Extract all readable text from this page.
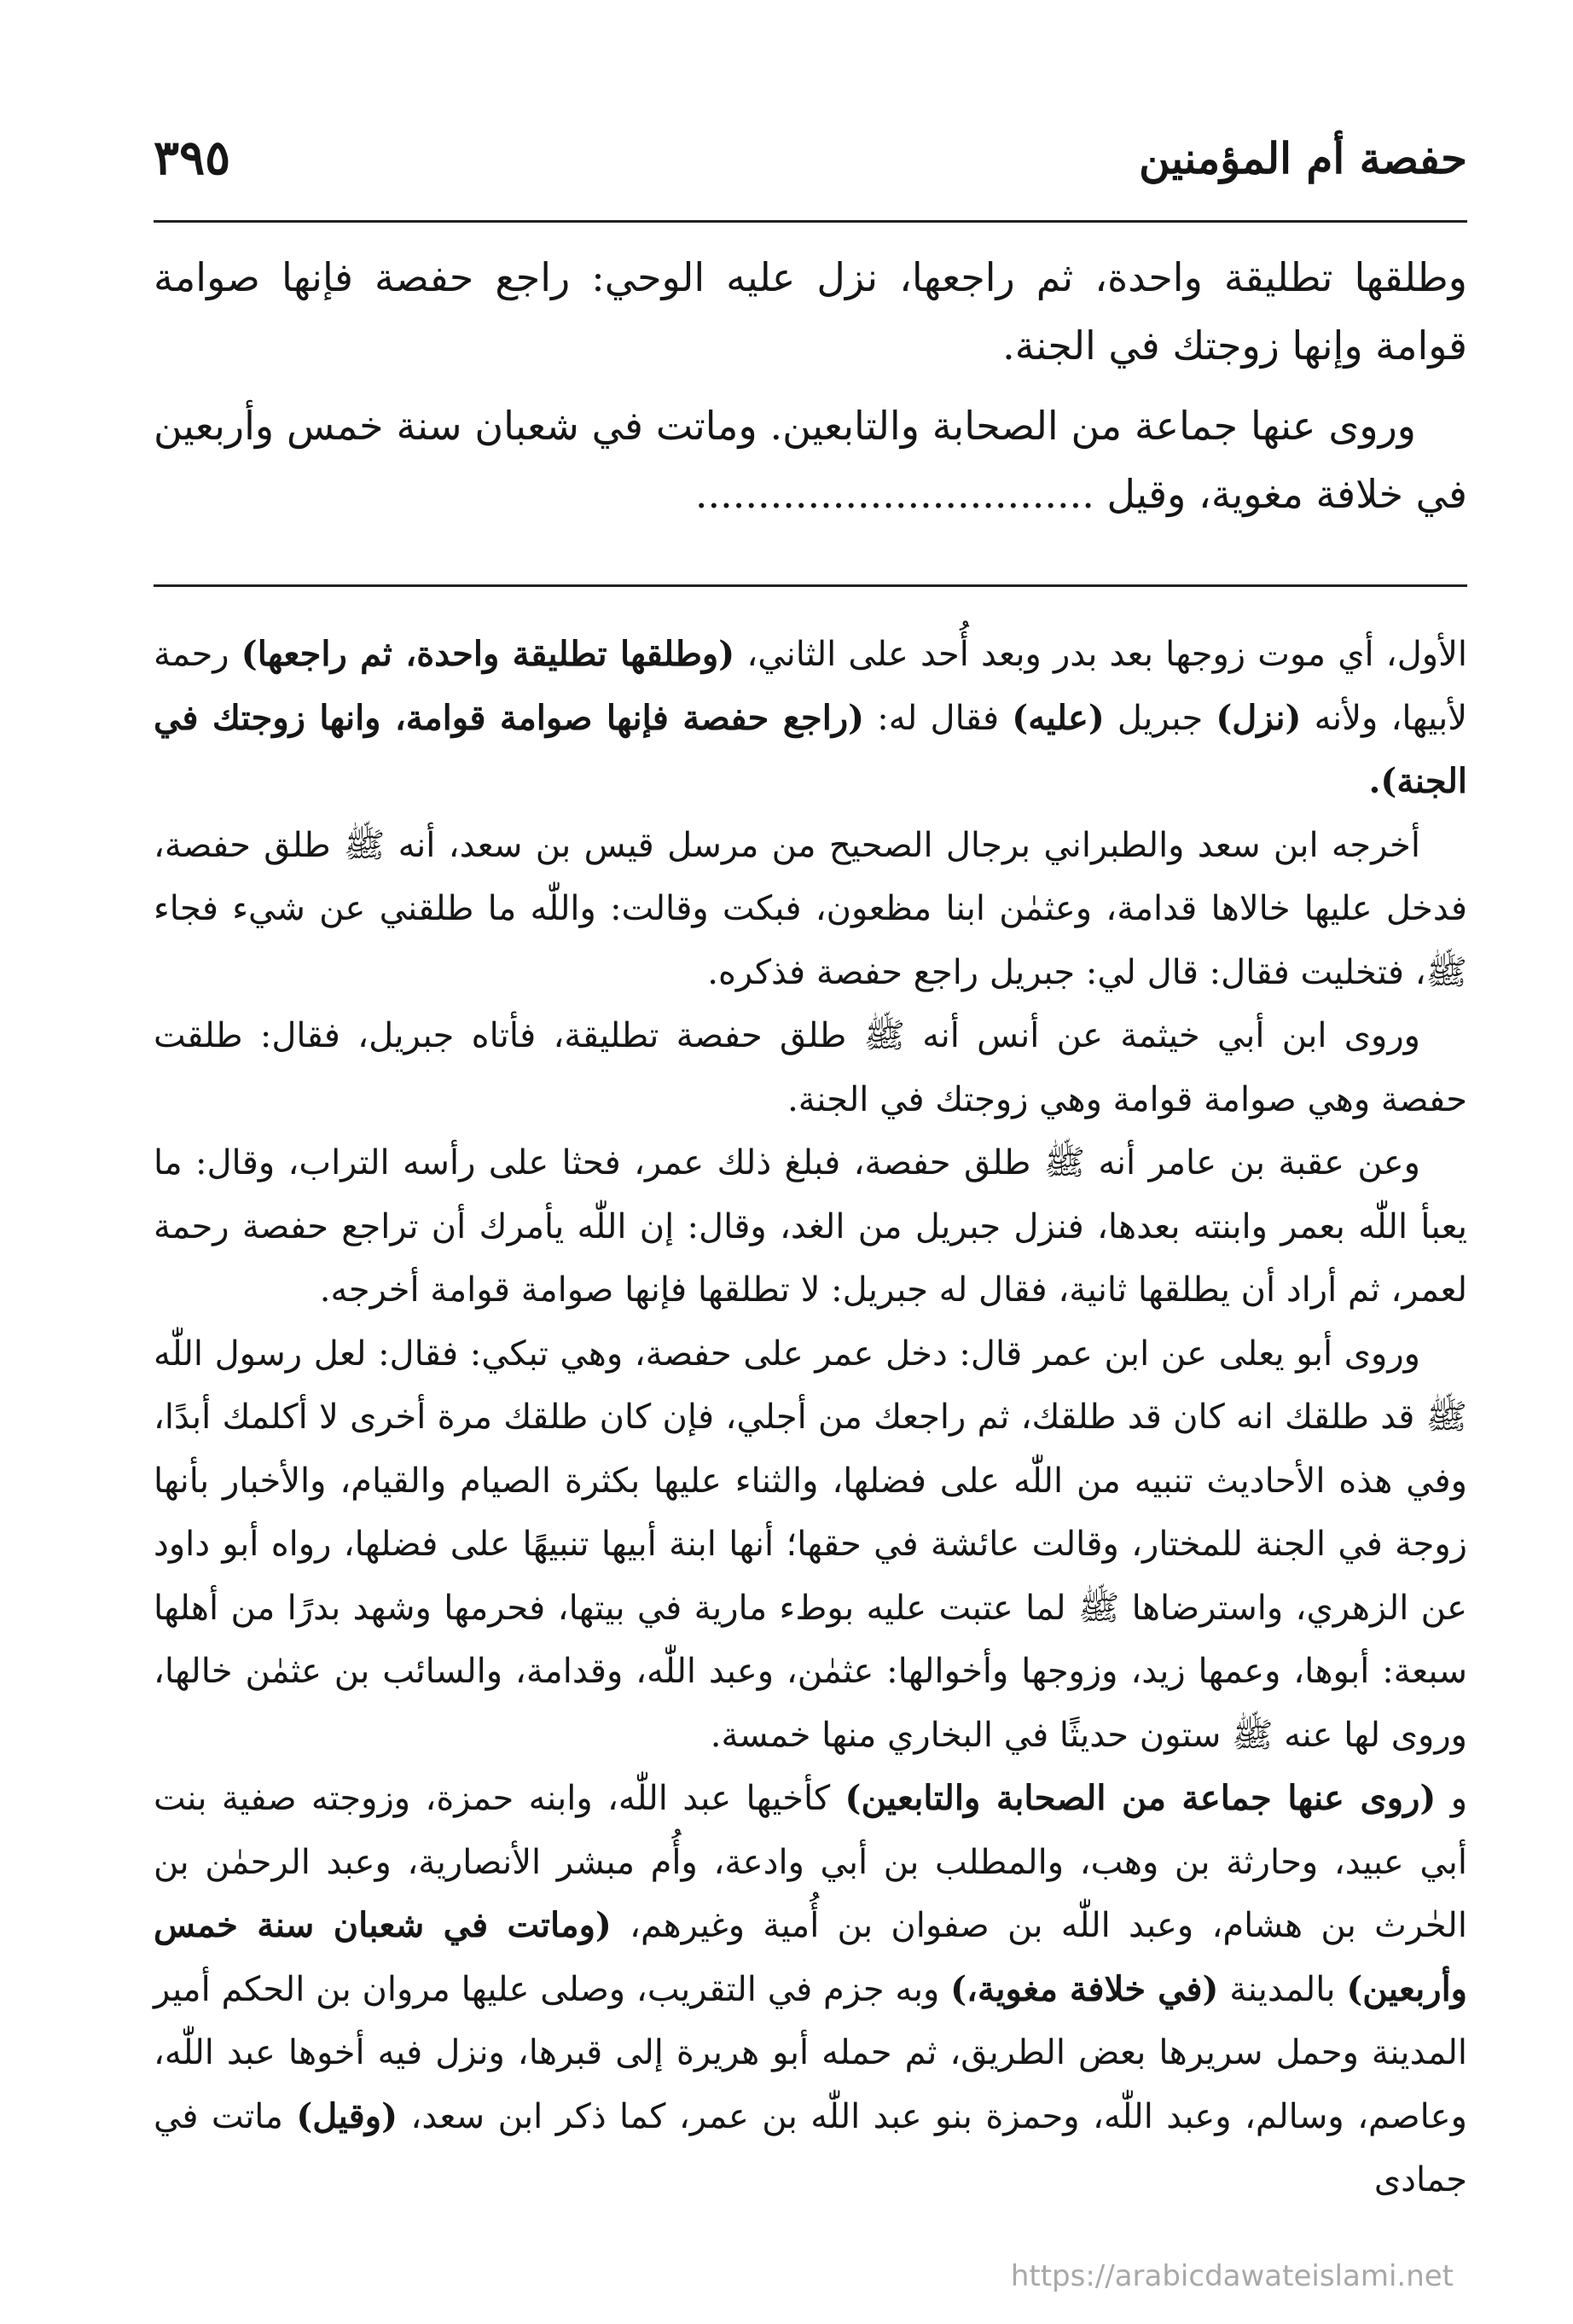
حفصة أم المؤمنين
٣٩٥

وطلقها تطليقة واحدة، ثم راجعها، نزل عليه الوحي: راجع حفصة فإنها صوامة قوامة وإنها زوجتك في الجنة.

وروى عنها جماعة من الصحابة والتابعين. وماتت في شعبان سنة خمس وأربعين في خلافة مغوية، وقيل ................................

الأول، أي موت زوجها بعد بدر وبعد أُحد على الثاني، (وطلقها تطليقة واحدة، ثم راجعها) رحمة لأبيها، ولأنه (نزل) جبريل (عليه) فقال له: (راجع حفصة فإنها صوامة قوامة، وانها زوجتك في الجنة).

أخرجه ابن سعد والطبراني برجال الصحيح من مرسل قيس بن سعد، أنه ﷺ طلق حفصة، فدخل عليها خالاها قدامة، وعثمٰن ابنا مظعون، فبكت وقالت: واللّٰه ما طلقني عن شيء فجاء ﷺ، فتخليت فقال: قال لي: جبريل راجع حفصة فذكره.

وروى ابن أبي خيثمة عن أنس أنه ﷺ طلق حفصة تطليقة، فأتاه جبريل، فقال: طلقت حفصة وهي صوامة قوامة وهي زوجتك في الجنة.

وعن عقبة بن عامر أنه ﷺ طلق حفصة، فبلغ ذلك عمر، فحثا على رأسه التراب، وقال: ما يعبأ اللّٰه بعمر وابنته بعدها، فنزل جبريل من الغد، وقال: إن اللّٰه يأمرك أن تراجع حفصة رحمة لعمر، ثم أراد أن يطلقها ثانية، فقال له جبريل: لا تطلقها فإنها صوامة قوامة أخرجه.

وروى أبو يعلى عن ابن عمر قال: دخل عمر على حفصة، وهي تبكي: فقال: لعل رسول اللّٰه ﷺ قد طلقك انه كان قد طلقك، ثم راجعك من أجلي، فإن كان طلقك مرة أخرى لا أكلمك أبدًا، وفي هذه الأحاديث تنبيه من اللّٰه على فضلها، والثناء عليها بكثرة الصيام والقيام، والأخبار بأنها زوجة في الجنة للمختار، وقالت عائشة في حقها؛ أنها ابنة أبيها تنبيهًا على فضلها، رواه أبو داود عن الزهري، واسترضاها ﷺ لما عتبت عليه بوطء مارية في بيتها، فحرمها وشهد بدرًا من أهلها سبعة: أبوها، وعمها زيد، وزوجها وأخوالها: عثمٰن، وعبد اللّٰه، وقدامة، والسائب بن عثمٰن خالها، وروى لها عنه ﷺ ستون حديثًا في البخاري منها خمسة.

و (روى عنها جماعة من الصحابة والتابعين) كأخيها عبد اللّٰه، وابنه حمزة، وزوجته صفية بنت أبي عبيد، وحارثة بن وهب، والمطلب بن أبي وادعة، وأُم مبشر الأنصارية، وعبد الرحمٰن بن الحٰرث بن هشام، وعبد اللّٰه بن صفوان بن أُمية وغيرهم، (وماتت في شعبان سنة خمس وأربعين) بالمدينة (في خلافة مغوية،) وبه جزم في التقريب، وصلى عليها مروان بن الحكم أمير المدينة وحمل سريرها بعض الطريق، ثم حمله أبو هريرة إلى قبرها، ونزل فيه أخوها عبد اللّٰه، وعاصم، وسالم، وعبد اللّٰه، وحمزة بنو عبد اللّٰه بن عمر، كما ذكر ابن سعد، (وقيل) ماتت في جمادى

https://arabicdawateislami.net
